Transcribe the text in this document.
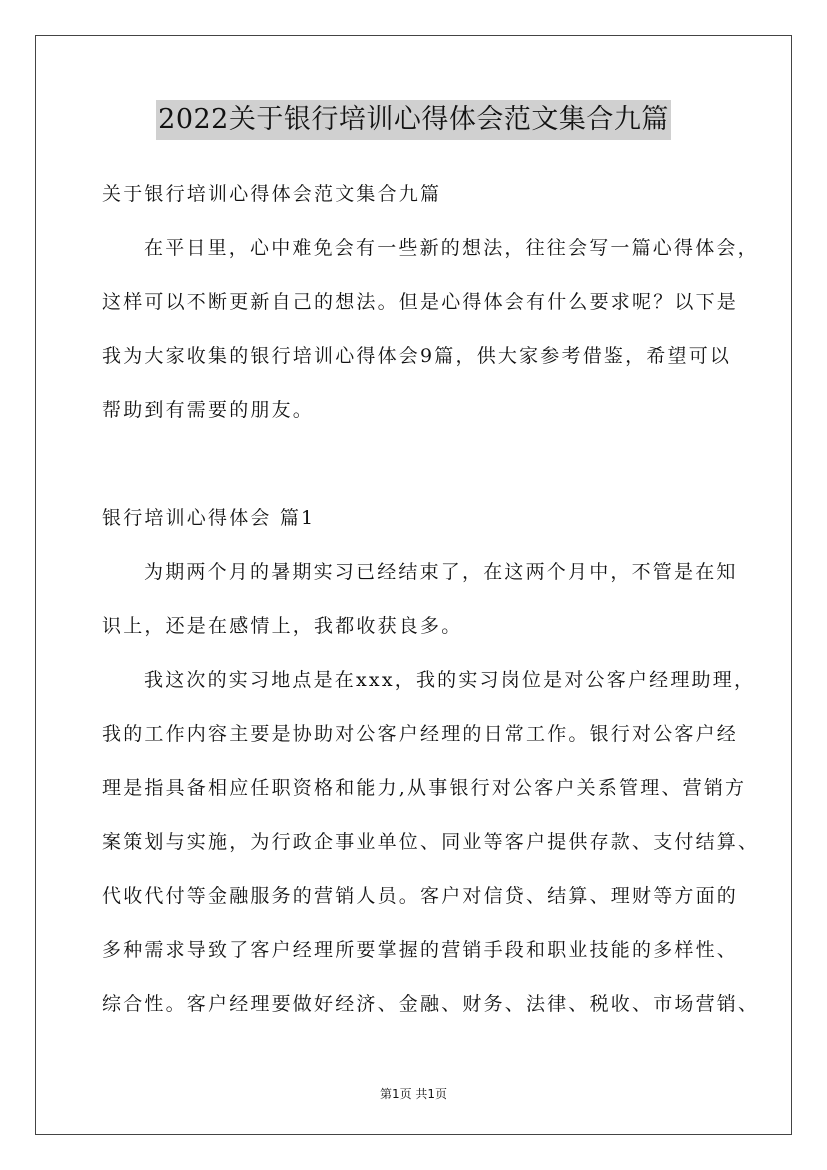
2022关于银行培训心得体会范文集合九篇
关于银行培训心得体会范文集合九篇
在平日里，心中难免会有一些新的想法，往往会写一篇心得体会，
这样可以不断更新自己的想法。但是心得体会有什么要求呢？以下是
我为大家收集的银行培训心得体会9篇，供大家参考借鉴，希望可以
帮助到有需要的朋友。
银行培训心得体会 篇1
为期两个月的暑期实习已经结束了，在这两个月中，不管是在知
识上，还是在感情上，我都收获良多。
我这次的实习地点是在xxx，我的实习岗位是对公客户经理助理，
我的工作内容主要是协助对公客户经理的日常工作。银行对公客户经
理是指具备相应任职资格和能力,从事银行对公客户关系管理、营销方
案策划与实施，为行政企事业单位、同业等客户提供存款、支付结算、
代收代付等金融服务的营销人员。客户对信贷、结算、理财等方面的
多种需求导致了客户经理所要掌握的营销手段和职业技能的多样性、
综合性。客户经理要做好经济、金融、财务、法律、税收、市场营销、
第1页 共1页
